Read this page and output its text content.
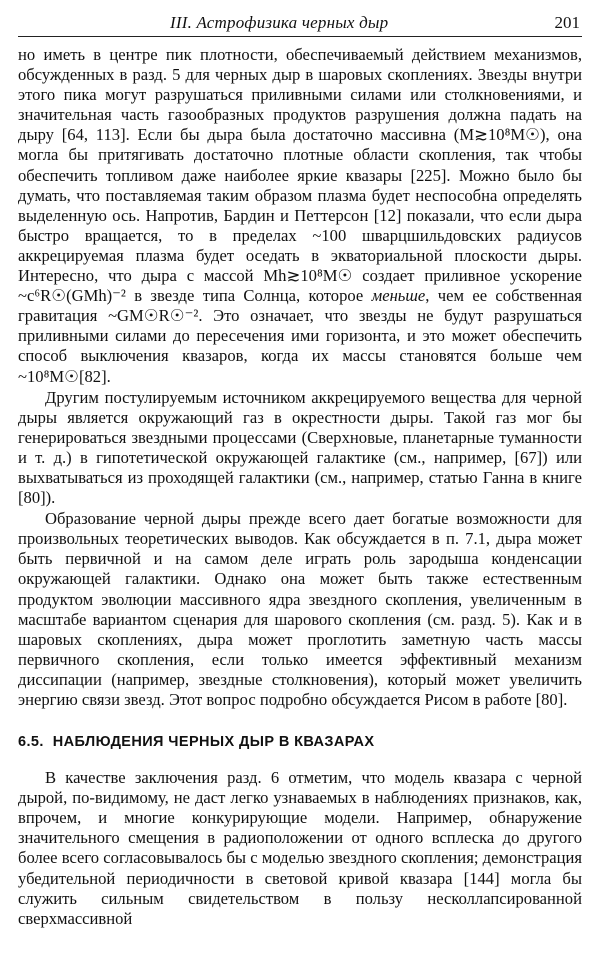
III. Астрофизика черных дыр	201

но иметь в центре пик плотности, обеспечиваемый действием механизмов, обсужденных в разд. 5 для черных дыр в шаровых скоплениях. Звезды внутри этого пика могут разрушаться приливными силами или столкновениями, и значительная часть газообразных продуктов разрушения должна падать на дыру [64, 113]. Если бы дыра была достаточно массивна (M≳10⁸M☉), она могла бы притягивать достаточно плотные области скопления, так чтобы обеспечить топливом даже наиболее яркие квазары [225]. Можно было бы думать, что поставляемая таким образом плазма будет неспособна определять выделенную ось. Напротив, Бардин и Петтерсон [12] показали, что если дыра быстро вращается, то в пределах ~100 шварцшильдовских радиусов аккрецируемая плазма будет оседать в экваториальной плоскости дыры. Интересно, что дыра с массой Mh≳10⁸M☉ создает приливное ускорение ~c⁶R☉(GMh)⁻² в звезде типа Солнца, которое меньше, чем ее собственная гравитация ~GM☉R☉⁻². Это означает, что звезды не будут разрушаться приливными силами до пересечения ими горизонта, и это может обеспечить способ выключения квазаров, когда их массы становятся больше чем ~10⁸M☉[82].

Другим постулируемым источником аккрецируемого вещества для черной дыры является окружающий газ в окрестности дыры. Такой газ мог бы генерироваться звездными процессами (Сверхновые, планетарные туманности и т. д.) в гипотетической окружающей галактике (см., например, [67]) или выхватываться из проходящей галактики (см., например, статью Ганна в книге [80]).

Образование черной дыры прежде всего дает богатые возможности для произвольных теоретических выводов. Как обсуждается в п. 7.1, дыра может быть первичной и на самом деле играть роль зародыша конденсации окружающей галактики. Однако она может быть также естественным продуктом эволюции массивного ядра звездного скопления, увеличенным в масштабе вариантом сценария для шарового скопления (см. разд. 5). Как и в шаровых скоплениях, дыра может проглотить заметную часть массы первичного скопления, если только имеется эффективный механизм диссипации (например, звездные столкновения), который может увеличить энергию связи звезд. Этот вопрос подробно обсуждается Рисом в работе [80].

6.5. НАБЛЮДЕНИЯ ЧЕРНЫХ ДЫР В КВАЗАРАХ

В качестве заключения разд. 6 отметим, что модель квазара с черной дырой, по-видимому, не даст легко узнаваемых в наблюдениях признаков, как, впрочем, и многие конкурирующие модели. Например, обнаружение значительного смещения в радиоположении от одного всплеска до другого более всего согласовывалось бы с моделью звездного скопления; демонстрация убедительной периодичности в световой кривой квазара [144] могла бы служить сильным свидетельством в пользу несколлапсированной сверхмассивной
